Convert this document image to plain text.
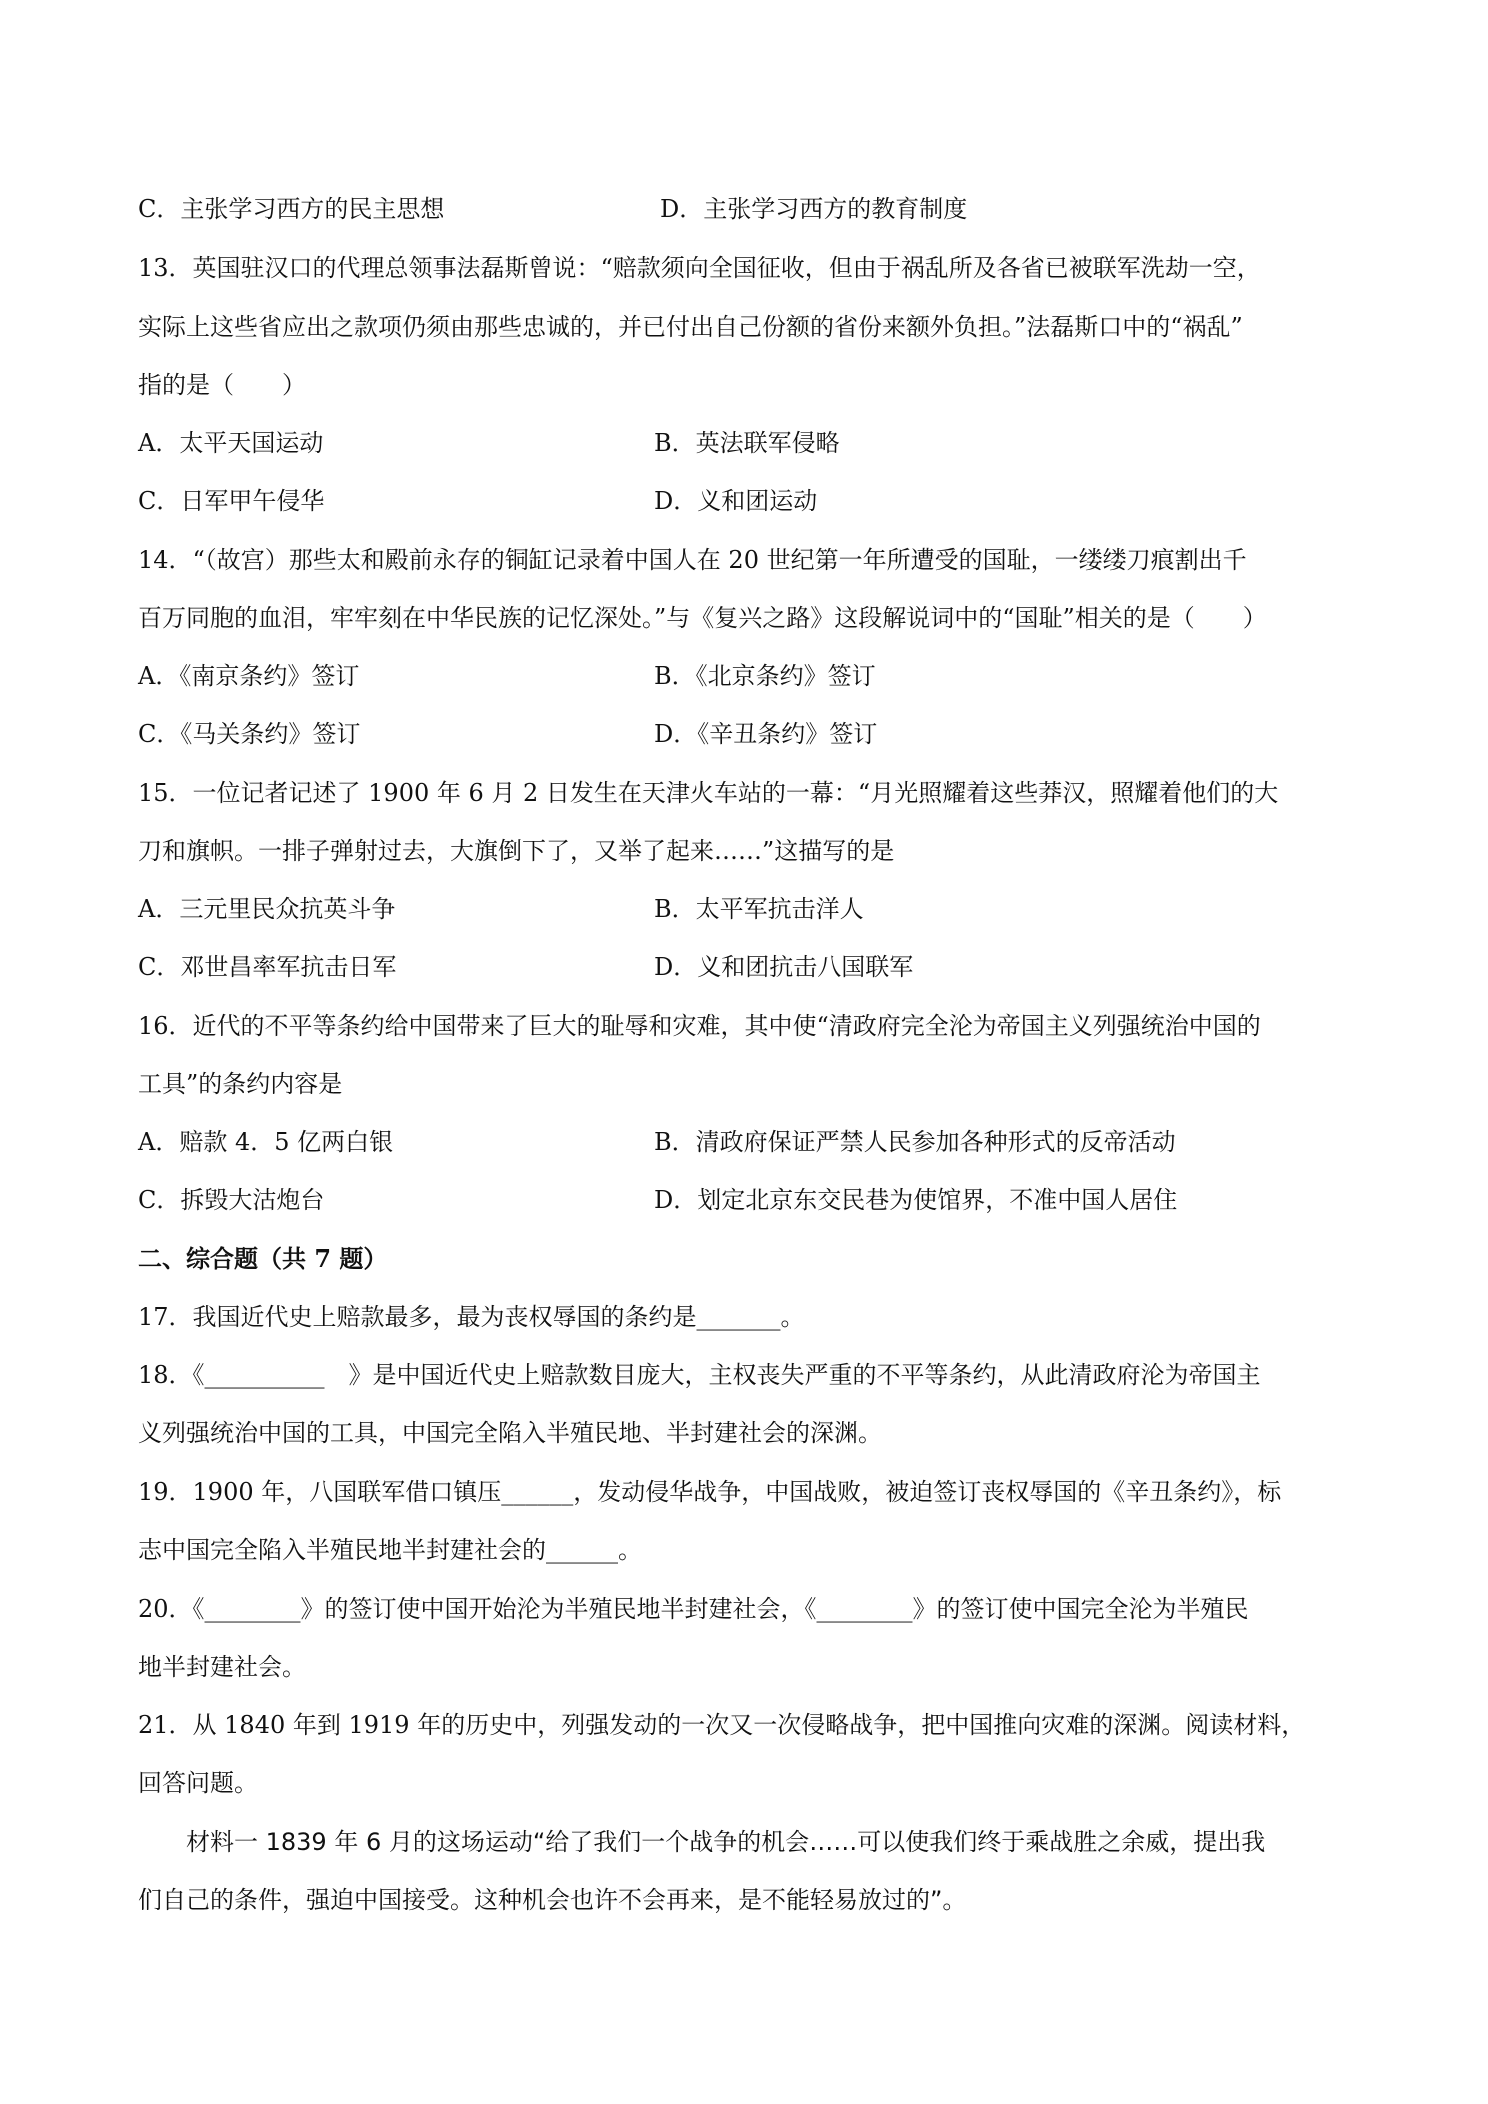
C．主张学习西方的民主思想	D．主张学习西方的教育制度
13．英国驻汉口的代理总领事法磊斯曾说：“赔款须向全国征收，但由于祸乱所及各省已被联军洗劫一空，
实际上这些省应出之款项仍须由那些忠诚的，并已付出自己份额的省份来额外负担。”法磊斯口中的“祸乱”
指的是（　　）
A．太平天国运动	B．英法联军侵略
C．日军甲午侵华	D．义和团运动
14．“（故宫）那些太和殿前永存的铜缸记录着中国人在 20 世纪第一年所遭受的国耻，一缕缕刀痕割出千
百万同胞的血泪，牢牢刻在中华民族的记忆深处。”与《复兴之路》这段解说词中的“国耻”相关的是（　　）
A．《南京条约》签订	B．《北京条约》签订
C．《马关条约》签订	D．《辛丑条约》签订
15．一位记者记述了 1900 年 6 月 2 日发生在天津火车站的一幕：“月光照耀着这些莽汉，照耀着他们的大
刀和旗帜。一排子弹射过去，大旗倒下了，又举了起来……”这描写的是
A．三元里民众抗英斗争	B．太平军抗击洋人
C．邓世昌率军抗击日军	D．义和团抗击八国联军
16．近代的不平等条约给中国带来了巨大的耻辱和灾难，其中使“清政府完全沦为帝国主义列强统治中国的
工具”的条约内容是
A．赔款 4．5 亿两白银	B．清政府保证严禁人民参加各种形式的反帝活动
C．拆毁大沽炮台	D．划定北京东交民巷为使馆界，不准中国人居住
二、综合题（共 7 题）
17．我国近代史上赔款最多，最为丧权辱国的条约是_______。
18．《__________　》是中国近代史上赔款数目庞大，主权丧失严重的不平等条约，从此清政府沦为帝国主
义列强统治中国的工具，中国完全陷入半殖民地、半封建社会的深渊。
19．1900 年，八国联军借口镇压______，发动侵华战争，中国战败，被迫签订丧权辱国的《辛丑条约》，标
志中国完全陷入半殖民地半封建社会的______。
20．《________》的签订使中国开始沦为半殖民地半封建社会，《________》的签订使中国完全沦为半殖民
地半封建社会。
21．从 1840 年到 1919 年的历史中，列强发动的一次又一次侵略战争，把中国推向灾难的深渊。阅读材料，
回答问题。
材料一 1839 年 6 月的这场运动“给了我们一个战争的机会……可以使我们终于乘战胜之余威，提出我
们自己的条件，强迫中国接受。这种机会也许不会再来，是不能轻易放过的”。
